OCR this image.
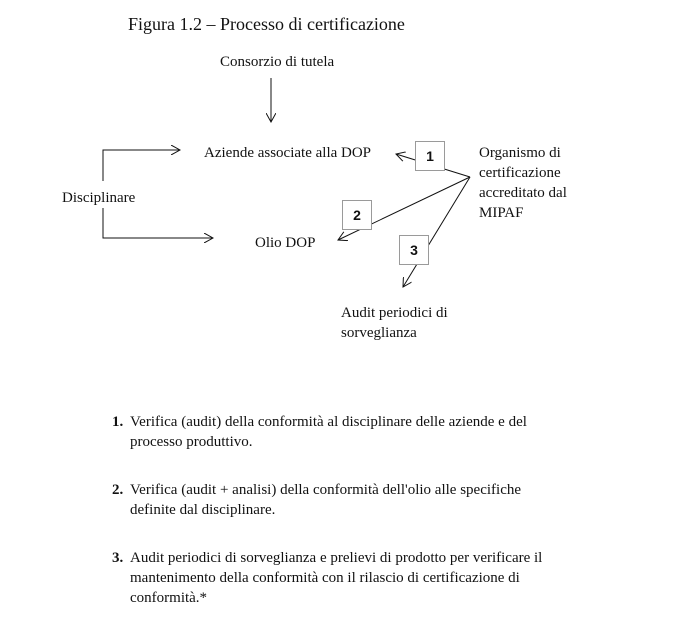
Figura 1.2 – Processo di certificazione
Consorzio di tutela
Aziende associate alla DOP
Olio DOP
Disciplinare
Organismo di certificazione accreditato dal MIPAF
Audit periodici di sorveglianza
1
2
3
1. Verifica (audit) della conformità al disciplinare delle aziende e del processo produttivo.
2. Verifica (audit + analisi) della conformità dell'olio alle specifiche definite dal disciplinare.
3. Audit periodici di sorveglianza e prelievi di prodotto per verificare il mantenimento della conformità con il rilascio di certificazione di conformità.*
